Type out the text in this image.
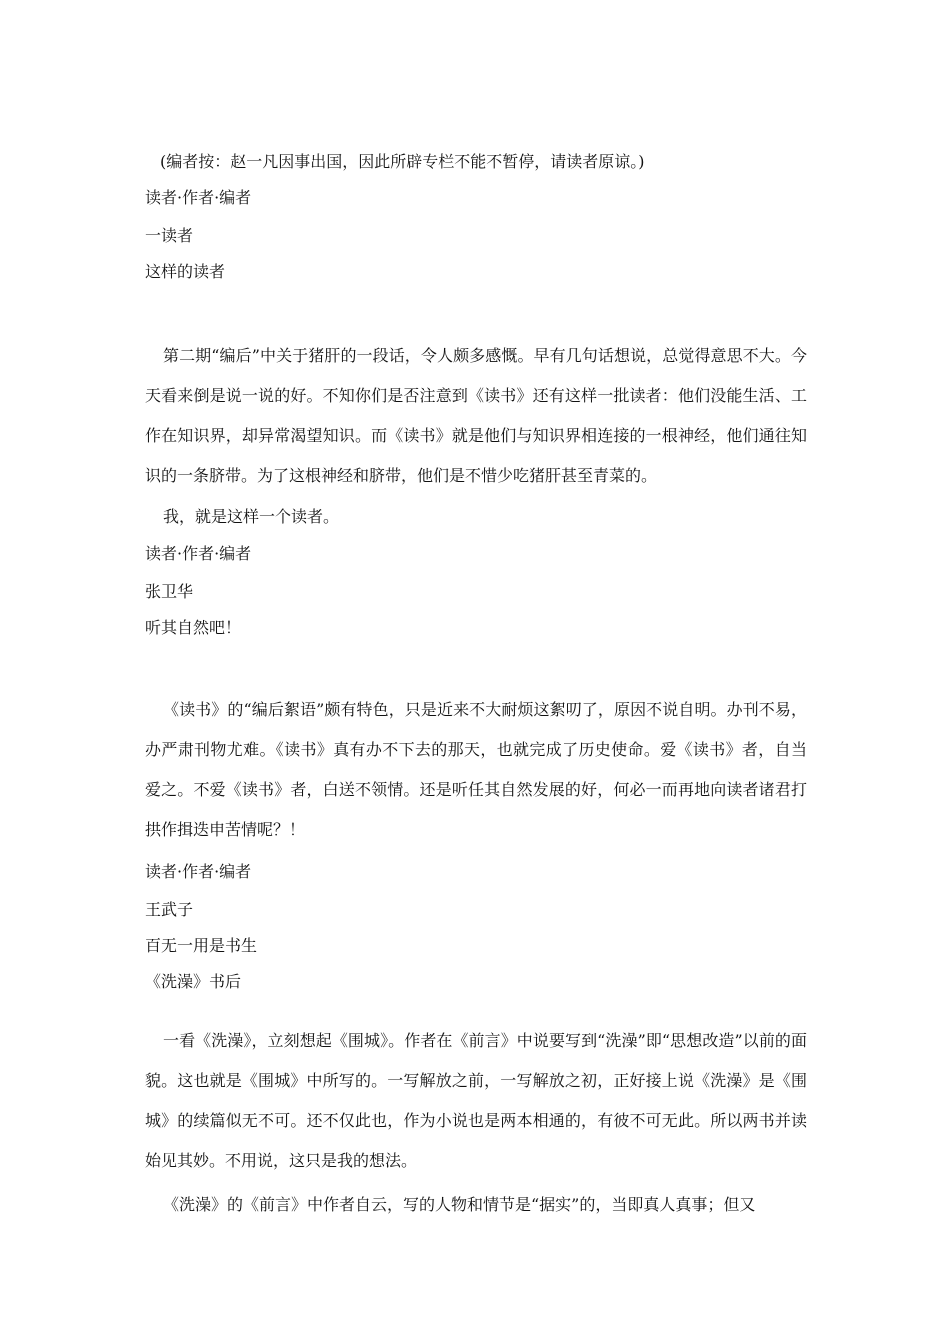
(编者按：赵一凡因事出国，因此所辟专栏不能不暂停，请读者原谅。)

读者·作者·编者

一读者

这样的读者

第二期“编后”中关于猪肝的一段话，令人颇多感慨。早有几句话想说，总觉得意思不大。今天看来倒是说一说的好。不知你们是否注意到《读书》还有这样一批读者：他们没能生活、工作在知识界，却异常渴望知识。而《读书》就是他们与知识界相连接的一根神经，他们通往知识的一条脐带。为了这根神经和脐带，他们是不惜少吃猪肝甚至青菜的。

我，就是这样一个读者。

读者·作者·编者

张卫华

听其自然吧！

《读书》的“编后絮语”颇有特色，只是近来不大耐烦这絮叨了，原因不说自明。办刊不易，办严肃刊物尤难。《读书》真有办不下去的那天，也就完成了历史使命。爱《读书》者，自当爱之。不爱《读书》者，白送不领情。还是听任其自然发展的好，何必一而再地向读者诸君打拱作揖迭申苦情呢？！

读者·作者·编者

王武子

百无一用是书生

《洗澡》书后

一看《洗澡》，立刻想起《围城》。作者在《前言》中说要写到“洗澡”即“思想改造”以前的面貌。这也就是《围城》中所写的。一写解放之前，一写解放之初，正好接上说《洗澡》是《围城》的续篇似无不可。还不仅此也，作为小说也是两本相通的，有彼不可无此。所以两书并读始见其妙。不用说，这只是我的想法。

《洗澡》的《前言》中作者自云，写的人物和情节是“据实”的，当即真人真事；但又
